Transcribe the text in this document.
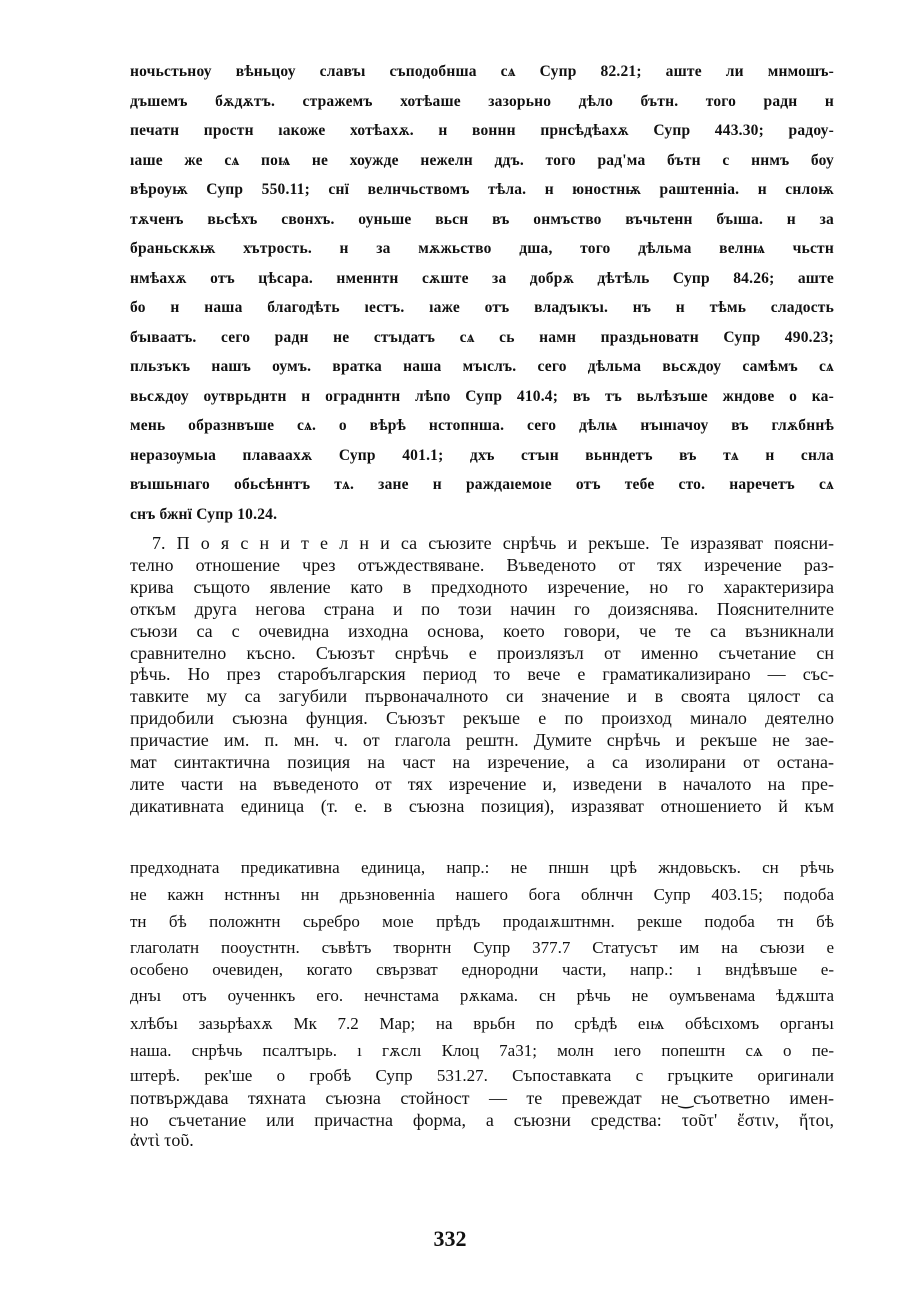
ночьстьноу вѣньцоу славъı съподобнша сѧ Супр 82.21; аште ли мнмошъ-
дъшемъ бѫдѫтъ. стражемъ хотѣаше зазорьно дѣло бътн. того радн н
печатн простн ıакоже хотѣахѫ. н воннн прнсѣдѣахѫ Супр 443.30; радоу-
ıаше же сѧ поѩ не хоужде нежелн ддъ. того рад'ма бътн с ннмъ боу
вѣроуѭ Супр 550.11; снї велнчьствомъ тѣла. н юностнѭ раштенніа. н снлоѭ
тѫченъ вьсѣхъ свонхъ. оуньше вьсн въ онмъство въчьтенн бъıша. н за
браньскѫѭ хътрость. н за мѫжьство дша, того дѣльма велнѩ чьстн
нмѣахѫ отъ цѣсара. нменнтн сѫште за добрѫ дѣтѣль Супр 84.26; аште
бо н наша благодѣть ıестъ. ıаже отъ владъıкъı. нъ н тѣмь сладость
бъıваатъ. сего радн не стъıдатъ сѧ сь намн праздьноватн Супр 490.23;
пльзъкъ нашъ оумъ. вратка наша мъıслъ. сего дѣльма вьсѫдоу самѣмъ сѧ
вьсѫдоу оутврьднтн н оградннтн лѣпо Супр 410.4; въ тъ вьлѣзъше жндове о ка-
мень образнвъше сѧ. о вѣрѣ нстопнша. сего дѣлѩ нъıнıачоу въ глѫбннѣ
неразоумьıа плаваахѫ Супр 401.1; дхъ стъıн вьнндетъ въ тѧ н снла
въıшьнıаго обьсѣннтъ тѧ. зане н раждаıемоıе отъ тебе сто. наречетъ сѧ
снъ бжнї Супр 10.24.
7. П о я с н и т е л н и са съюзите снрѣчь и рекъше. Те изразяват поясни-
телно отношение чрез отъждествяване. Въведеното от тях изречение раз-
крива същото явление като в предходното изречение, но го характеризира
откъм друга негова страна и по този начин го доизяснява. Пояснителните
съюзи са с очевидна изходна основа, което говори, че те са възникнали
сравнително късно. Съюзът снрѣчь е произлязъл от именно съчетание сн
рѣчь. Но през старобългарския период то вече е граматикализирано — със-
тавките му са загубили първоначалното си значение и в своята цялост са
придобили съюзна фунция. Съюзът рекъше е по произход минало деятелно
причастие им. п. мн. ч. от глагола рештн. Думите снрѣчь и рекъше не зае-
мат синтактична позиция на част на изречение, а са изолирани от остана-
лите части на въведеното от тях изречение и, изведени в началото на пре-
дикативната единица (т. е. в съюзна позиция), изразяват отношението й към
предходната предикативна единица, напр.: не пншн црѣ жндовьскъ. сн рѣчь
не кажн нстннъı нн дрьзновенніа нашего бога облнчн Супр 403.15; подоба
тн бѣ положнтн сьребро моıе прѣдъ продаıѫштнмн. рекше подоба тн бѣ
глаголатн пооустнтн. съвѣтъ творнтн Супр 377.7 Статусът им на съюзи е
особено очевиден, когато свързват еднородни части, напр.: ı вндѣвъше е-
днъı отъ оученнкъ его. нечнстама рѫкама. сн рѣчь не оумъвенама ѣдѫшта
хлѣбъı зазьрѣахѫ Мк 7.2 Мар; на врьбн по срѣдѣ еıѩ обѣсıхомъ органъı
наша. снрѣчь псалтъıрь. ı гѫслı Клоц 7а31; молн ıего попештн сѧ о пе-
штерѣ. рек'ше о гробѣ Супр 531.27. Съпоставката с гръцките оригинали
потвърждава тяхната съюзна стойност — те превеждат не‿съответно имен-
но съчетание или причастна форма, а съюзни средства: τοῦτ' ἔστιν, ἤτοι,
ἀντὶ τοῦ.
332
